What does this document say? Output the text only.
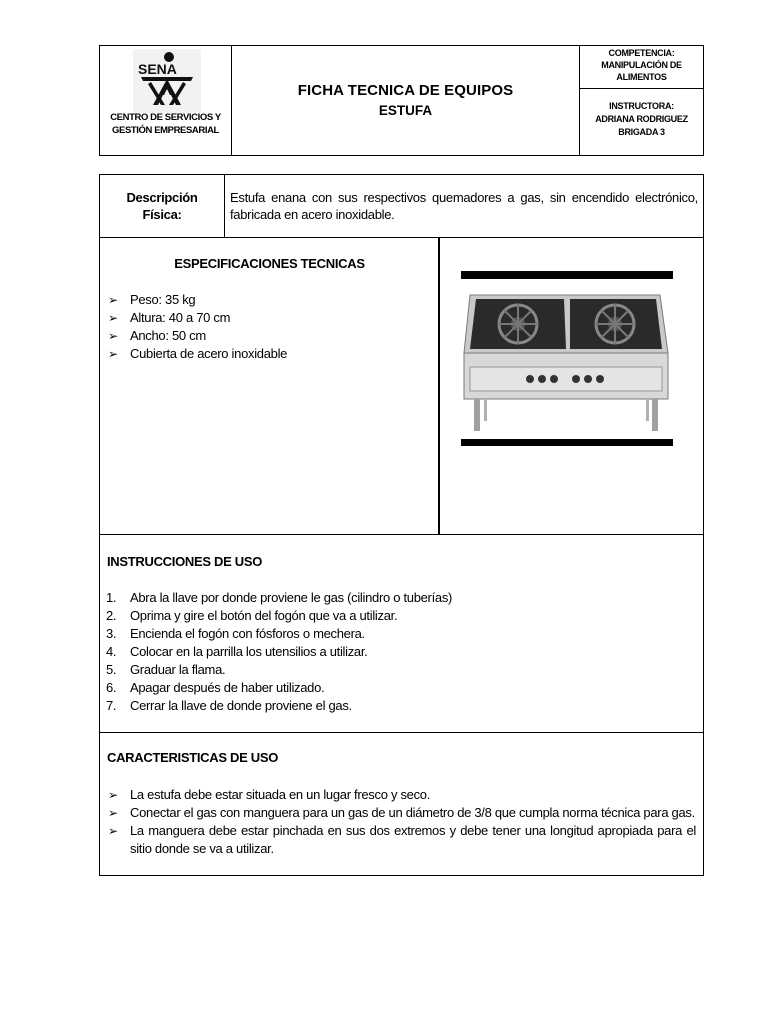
SENA
CENTRO DE SERVICIOS Y
GESTIÓN EMPRESARIAL
FICHA TECNICA DE EQUIPOS
ESTUFA
COMPETENCIA:
MANIPULACIÓN DE
ALIMENTOS
INSTRUCTORA:
ADRIANA RODRIGUEZ
BRIGADA 3
Descripción
Física:
Estufa enana con sus respectivos quemadores a gas, sin encendido electrónico, fabricada en acero inoxidable.
ESPECIFICACIONES TECNICAS
➢ Peso: 35 kg
➢ Altura: 40 a 70 cm
➢ Ancho: 50 cm
➢ Cubierta de acero inoxidable
INSTRUCCIONES DE USO
1. Abra la llave por donde proviene le gas (cilindro o tuberías)
2. Oprima y gire el botón del fogón que va a utilizar.
3. Encienda el fogón con fósforos o mechera.
4. Colocar en la parrilla los utensilios a utilizar.
5. Graduar la flama.
6. Apagar después de haber utilizado.
7. Cerrar la llave de donde proviene el gas.
CARACTERISTICAS DE USO
➢ La estufa debe estar situada en un lugar fresco y seco.
➢ Conectar el gas con manguera para un gas de un diámetro de 3/8 que cumpla norma técnica para gas.
➢ La manguera debe estar pinchada en sus dos extremos y debe tener una longitud apropiada para el sitio donde se va a utilizar.
